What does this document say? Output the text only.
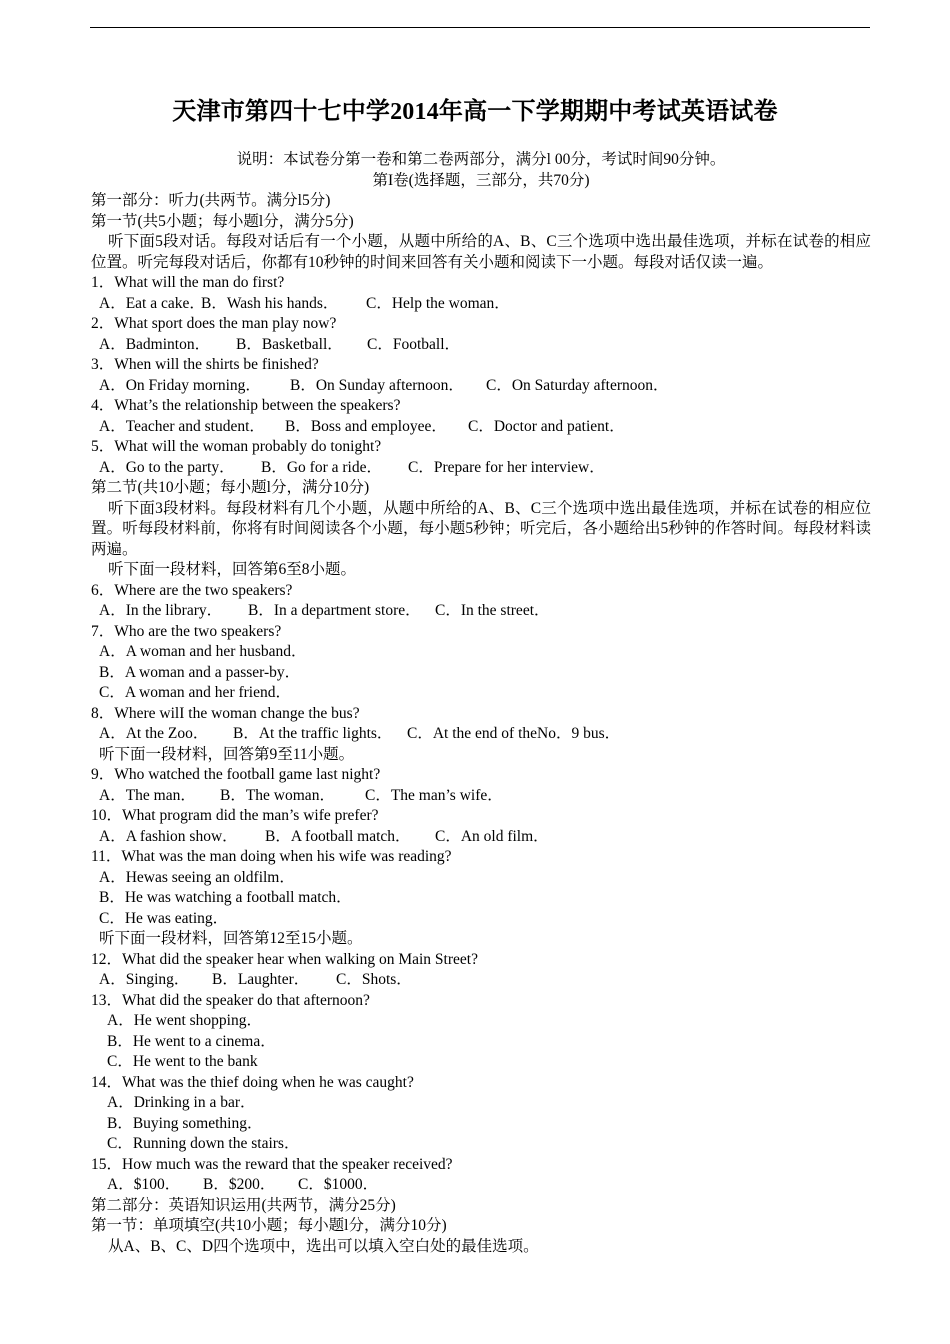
天津市第四十七中学2014年高一下学期期中考试英语试卷
说明：本试卷分第一卷和第二卷两部分，满分l 00分，考试时间90分钟。
第I卷(选择题，三部分，共70分)
第一部分：听力(共两节。满分l5分)
第一节(共5小题；每小题l分，满分5分)
听下面5段对话。每段对话后有一个小题，从题中所给的A、B、C三个选项中选出最佳选项，并标在试卷的相应位置。听完每段对话后，你都有10秒钟的时间来回答有关小题和阅读下一小题。每段对话仅读一遍。
1．What will the man do first?
A．Eat a cake．B．Wash his hands． C．Help the woman．
2．What sport does the man play now?
A．Badminton． B．Basketball． C．Football．
3．When will the shirts be finished?
A．On Friday morning． B．On Sunday afternoon． C．On Saturday afternoon．
4．What’s the relationship between the speakers?
A．Teacher and student． B．Boss and employee． C．Doctor and patient．
5．What will the woman probably do tonight?
A．Go to the party． B．Go for a ride． C．Prepare for her interview．
第二节(共10小题；每小题l分，满分10分)
听下面3段材料。每段材料有几个小题，从题中所给的A、B、C三个选项中选出最佳选项，并标在试卷的相应位置。听每段材料前，你将有时间阅读各个小题，每小题5秒钟；听完后，各小题给出5秒钟的作答时间。每段材料读两遍。
听下面一段材料，回答第6至8小题。
6．Where are the two speakers?
A．In the library． B．In a department store． C．In the street．
7．Who are the two speakers?
A．A woman and her husband．
B．A woman and a passer-by．
C．A woman and her friend．
8．Where wilI the woman change the bus?
A．At the Zoo． B．At the traffic lights． C．At the end of theNo．9 bus．
听下面一段材料，回答第9至11小题。
9．Who watched the football game last night?
A．The man． B．The woman． C．The man’s wife．
10．What program did the man’s wife prefer?
A．A fashion show． B．A football match． C．An old film．
11．What was the man doing when his wife was reading?
A．Hewas seeing an oldfilm．
B．He was watching a football match．
C．He was eating．
听下面一段材料，回答第12至15小题。
12．What did the speaker hear when walking on Main Street?
A．Singing． B．Laughter． C．Shots．
13．What did the speaker do that afternoon?
A．He went shopping．
B．He went to a cinema．
C．He went to the bank
14．What was the thief doing when he was caught?
A．Drinking in a bar．
B．Buying something．
C．Running down the stairs．
15．How much was the reward that the speaker received?
A．$100． B．$200． C．$1000．
第二部分：英语知识运用(共两节，满分25分)
第一节：单项填空(共10小题；每小题l分，满分10分)
从A、B、C、D四个选项中，选出可以填入空白处的最佳选项。
